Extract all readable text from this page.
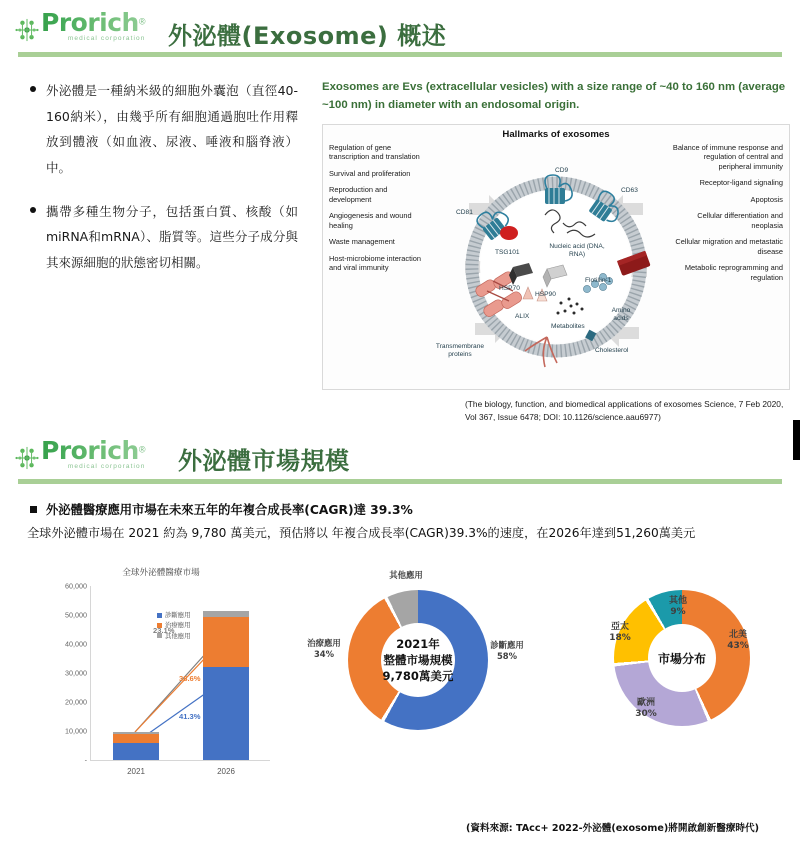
Prorich®
medical corporation 外泌體(Exosome) 概述
外泌體是一種納米級的細胞外囊泡（直徑40-160納米），由幾乎所有細胞通過胞吐作用釋放到體液（如血液、尿液、唾液和腦脊液）中。
攜帶多種生物分子，包括蛋白質、核酸（如miRNA和mRNA）、脂質等。這些分子成分與其來源細胞的狀態密切相關。
Exosomes are Evs (extracellular vesicles) with a size range of ~40 to 160 nm (average ~100 nm) in diameter with an endosomal origin.
Hallmarks of exosomes

Regulation of gene transcription and translation

Survival and proliferation

Reproduction and development

Angiogenesis and wound healing

Waste management

Host-microbiome interaction and viral immunity

Balance of immune response and regulation of central and peripheral immunity

Receptor-ligand signaling

Apoptosis

Cellular differentiation and neoplasia

Cellular migration and metastatic disease

Metabolic reprogramming and regulation

CD9
CD63
CD81
TSG101
Nucleic acid (DNA, RNA)
Flotillin-1
HSP70
HSP90
Amino acids
ALIX
Metabolites
Cholesterol
Transmembrane proteins
(The biology, function, and biomedical applications of exosomes Science, 7 Feb 2020, Vol 367, Issue 6478; DOI: 10.1126/science.aau6977)
Prorich®
medical corporation 外泌體市場規模
外泌體醫療應用市場在未來五年的年複合成長率(CAGR)達 39.3%
全球外泌體市場在 2021 約為 9,780 萬美元，預估將以 年複合成長率(CAGR)39.3%的速度，在2026年達到51,260萬美元
全球外泌體醫療市場
-
10,000
20,000
30,000
40,000
50,000
60,000
診斷應用
治療應用
其他應用
23.1%
38.6%
41.3%
2021	2026
2021年
整體市場規模
9,780萬美元
診斷應用
58%
治療應用
34%
其他應用
8%
市場分布
北美
43%
歐洲
30%
亞太
18%
其他
9%
(資料來源: TAcc+ 2022-外泌體(exosome)將開啟創新醫療時代)
